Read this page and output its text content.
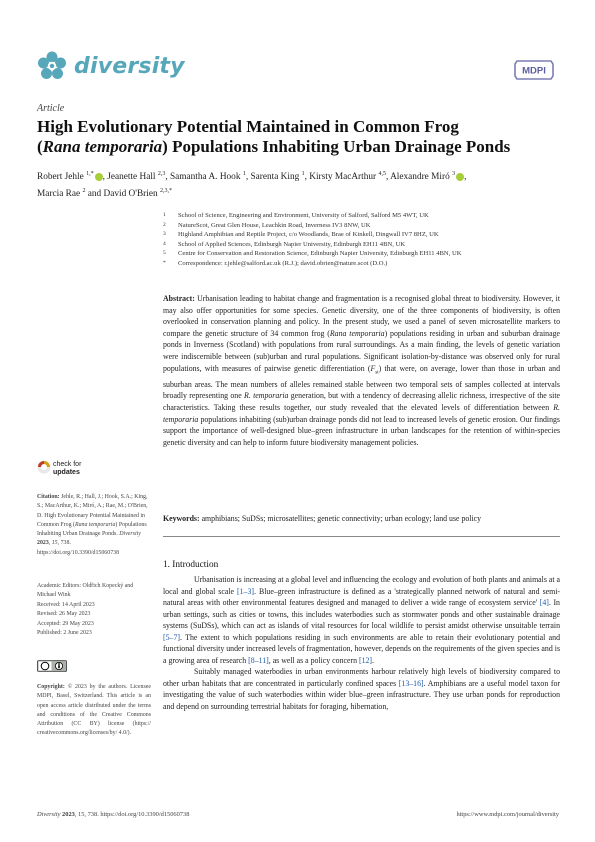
diversity	MDPI
Article
High Evolutionary Potential Maintained in Common Frog
(Rana temporaria) Populations Inhabiting Urban Drainage Ponds
Robert Jehle $^{1,*}$ , Jeanette Hall $^{2,3}$, Samantha A. Hook $^1$, Sarenta King $^1$, Kirsty MacArthur $^{4,5}$, Alexandre Miró $^3$ ,
Marcia Rae $^2$ and David O'Brien $^{2,3,*}$
1	School of Science, Engineering and Environment, University of Salford, Salford M5 4WT, UK
2	NatureScot, Great Glen House, Leachkin Road, Inverness IV3 8NW, UK
3	Highland Amphibian and Reptile Project, c/o Woodlands, Brae of Kinkell, Dingwall IV7 8HZ, UK
4	School of Applied Sciences, Edinburgh Napier University, Edinburgh EH11 4BN, UK
5	Centre for Conservation and Restoration Science, Edinburgh Napier University, Edinburgh EH11 4BN, UK
*	Correspondence: r.jehle@salford.ac.uk (R.J.); david.obrien@nature.scot (D.O.)
Abstract: Urbanisation leading to habitat change and fragmentation is a recognised global threat to biodiversity. However, it may also offer opportunities for some species. Genetic diversity, one of the three components of biodiversity, is often overlooked in conservation planning and policy. In the present study, we used a panel of seven microsatellite markers to compare the genetic structure of 34 common frog (Rana temporaria) populations residing in urban and suburban drainage ponds in Inverness (Scotland) with populations from rural surroundings. As a main finding, the levels of genetic variation were indiscernible between (sub)urban and rural populations. Significant isolation-by-distance was observed only for rural populations, with measures of pairwise genetic differentiation $(F_{st})$ that were, on average, lower than those in urban and suburban areas. The mean numbers of alleles remained stable between two temporal sets of samples collected at intervals broadly representing one R. temporaria generation, but with a tendency of decreasing allelic richness, irrespective of the site characteristics. Taking these results together, our study revealed that the elevated levels of differentiation between R. temporaria populations inhabiting (sub)urban drainage ponds did not lead to increased levels of genetic erosion. Our findings support the importance of well-designed blue–green infrastructure in urban landscapes for the retention of within-species genetic diversity and can help to inform future biodiversity management policies.
Keywords: amphibians; SuDSs; microsatellites; genetic connectivity; urban ecology; land use policy
check for
updates
Citation: Jehle, R.; Hall, J.; Hook, S.A.; King, S.; MacArthur, K.; Miró, A.; Rae, M.; O'Brien, D. High Evolutionary Potential Maintained in Common Frog (Rana temporaria) Populations Inhabiting Urban Drainage Ponds. Diversity 2023, 15, 738. https://doi.org/10.3390/d15060738
Academic Editors: Oldřich Kopecký and Michael Wink
Received: 14 April 2023
Revised: 26 May 2023
Accepted: 29 May 2023
Published: 2 June 2023
Copyright: © 2023 by the authors. Licensee MDPI, Basel, Switzerland. This article is an open access article distributed under the terms and conditions of the Creative Commons Attribution (CC BY) license (https:// creativecommons.org/licenses/by/ 4.0/).
1. Introduction

Urbanisation is increasing at a global level and influencing the ecology and evolution of both plants and animals at a local and global scale [1–3]. Blue–green infrastructure is defined as a 'strategically planned network of natural and semi-natural areas with other environmental features designed and managed to deliver a wide range of ecosystem service' [4]. In urban settings, such as cities or towns, this includes waterbodies such as stormwater ponds and other sustainable drainage systems (SuDSs), which can act as islands of vital resources for local wildlife to persist amidst otherwise unsuitable terrain [5–7]. The extent to which populations residing in such environments are able to retain their evolutionary potential and functional diversity under increased levels of fragmentation, however, depends on the requirements of the given species and is a growing area of research [8–11], as well as a policy concern [12].

Suitably managed waterbodies in urban environments harbour relatively high levels of biodiversity compared to other urban habitats that are concentrated in particularly confined spaces [13–16]. Amphibians are a useful model taxon for investigating the value of such waterbodies within wider blue–green infrastructure. They use urban ponds for reproduction and depend on surrounding terrestrial habitats for foraging, hibernation,

Diversity 2023, 15, 738. https://doi.org/10.3390/d15060738	https://www.mdpi.com/journal/diversity
